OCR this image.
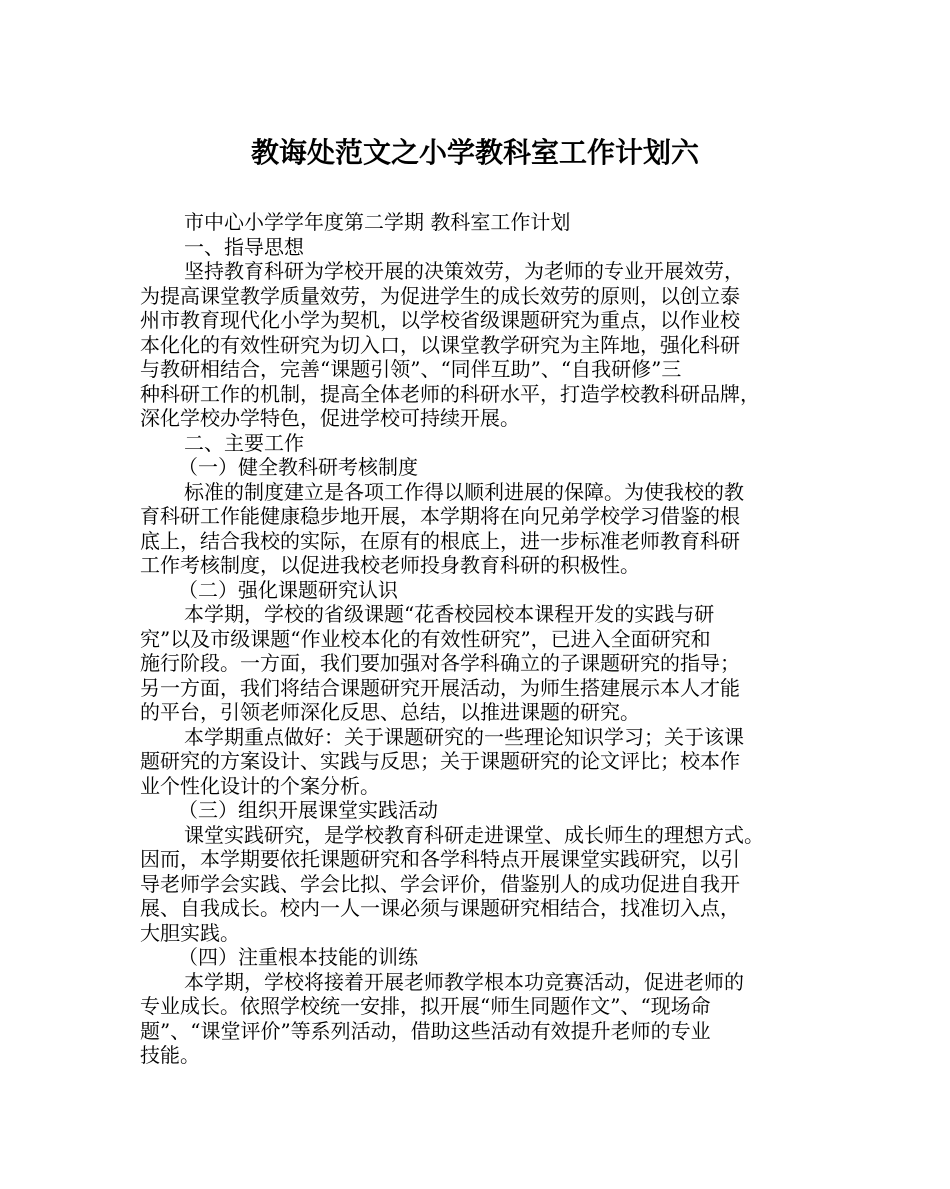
教诲处范文之小学教科室工作计划六
市中心小学学年度第二学期 教科室工作计划
一、指导思想
坚持教育科研为学校开展的决策效劳，为老师的专业开展效劳，
为提高课堂教学质量效劳，为促进学生的成长效劳的原则，以创立泰
州市教育现代化小学为契机，以学校省级课题研究为重点，以作业校
本化化的有效性研究为切入口，以课堂教学研究为主阵地，强化科研
与教研相结合，完善“课题引领”、“同伴互助”、“自我研修”三
种科研工作的机制，提高全体老师的科研水平，打造学校教科研品牌，
深化学校办学特色，促进学校可持续开展。
二、主要工作
（一）健全教科研考核制度
标准的制度建立是各项工作得以顺利进展的保障。为使我校的教
育科研工作能健康稳步地开展，本学期将在向兄弟学校学习借鉴的根
底上，结合我校的实际，在原有的根底上，进一步标准老师教育科研
工作考核制度，以促进我校老师投身教育科研的积极性。
（二）强化课题研究认识
本学期，学校的省级课题“花香校园校本课程开发的实践与研
究”以及市级课题“作业校本化的有效性研究”，已进入全面研究和
施行阶段。一方面，我们要加强对各学科确立的子课题研究的指导；
另一方面，我们将结合课题研究开展活动，为师生搭建展示本人才能
的平台，引领老师深化反思、总结，以推进课题的研究。
本学期重点做好：关于课题研究的一些理论知识学习；关于该课
题研究的方案设计、实践与反思；关于课题研究的论文评比；校本作
业个性化设计的个案分析。
（三）组织开展课堂实践活动
课堂实践研究，是学校教育科研走进课堂、成长师生的理想方式。
因而，本学期要依托课题研究和各学科特点开展课堂实践研究，以引
导老师学会实践、学会比拟、学会评价，借鉴别人的成功促进自我开
展、自我成长。校内一人一课必须与课题研究相结合，找准切入点，
大胆实践。
（四）注重根本技能的训练
本学期，学校将接着开展老师教学根本功竞赛活动，促进老师的
专业成长。依照学校统一安排，拟开展“师生同题作文”、“现场命
题”、“课堂评价”等系列活动，借助这些活动有效提升老师的专业
技能。
